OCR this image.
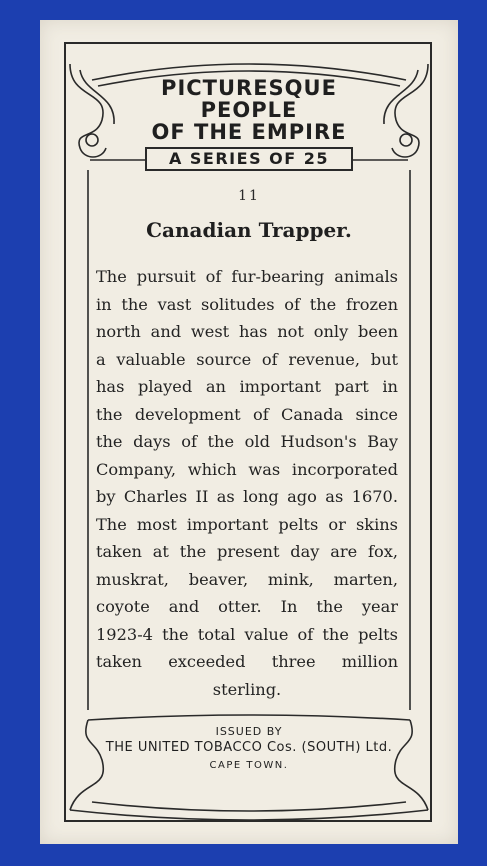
PICTURESQUE
PEOPLE
OF THE EMPIRE
A SERIES OF 25
11
Canadian Trapper.
The pursuit of fur-bearing animals
in the vast solitudes of the frozen
north and west has not only been
a valuable source of revenue, but
has played an important part in
the development of Canada since
the days of the old Hudson's Bay
Company, which was incorporated
by Charles II as long ago as 1670.
The most important pelts or skins
taken at the present day are fox,
muskrat, beaver, mink, marten,
coyote and otter. In the year
1923-4 the total value of the pelts
taken exceeded three million
sterling.
ISSUED BY
THE UNITED TOBACCO Cos. (SOUTH) Ltd.
CAPE TOWN.
